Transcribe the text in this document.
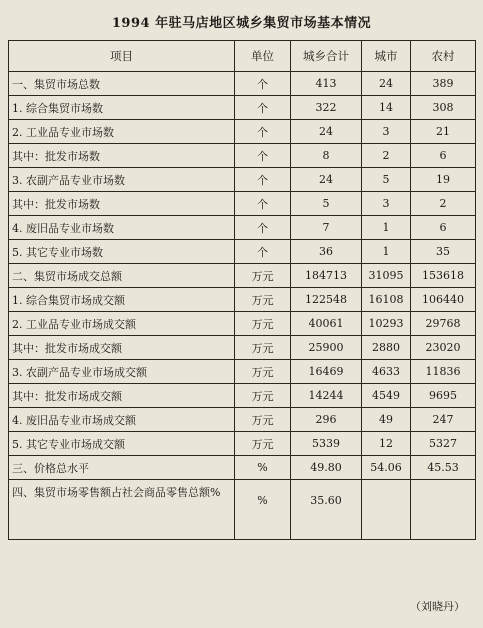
1994 年驻马店地区城乡集贸市场基本情况
项目	单位	城乡合计	城市	农村
一、集贸市场总数	个	413	24	389
1. 综合集贸市场数	个	322	14	308
2. 工业品专业市场数	个	24	3	21
其中：批发市场数	个	8	2	6
3. 农副产品专业市场数	个	24	5	19
其中：批发市场数	个	5	3	2
4. 废旧品专业市场数	个	7	1	6
5. 其它专业市场数	个	36	1	35
二、集贸市场成交总额	万元	184713	31095	153618
1. 综合集贸市场成交额	万元	122548	16108	106440
2. 工业品专业市场成交额	万元	40061	10293	29768
其中：批发市场成交额	万元	25900	2880	23020
3. 农副产品专业市场成交额	万元	16469	4633	11836
其中：批发市场成交额	万元	14244	4549	9695
4. 废旧品专业市场成交额	万元	296	49	247
5. 其它专业市场成交额	万元	5339	12	5327
三、价格总水平	%	49.80	54.06	45.53
四、集贸市场零售额占社会商品零售总额%	%	35.60		
（刘晓丹）
